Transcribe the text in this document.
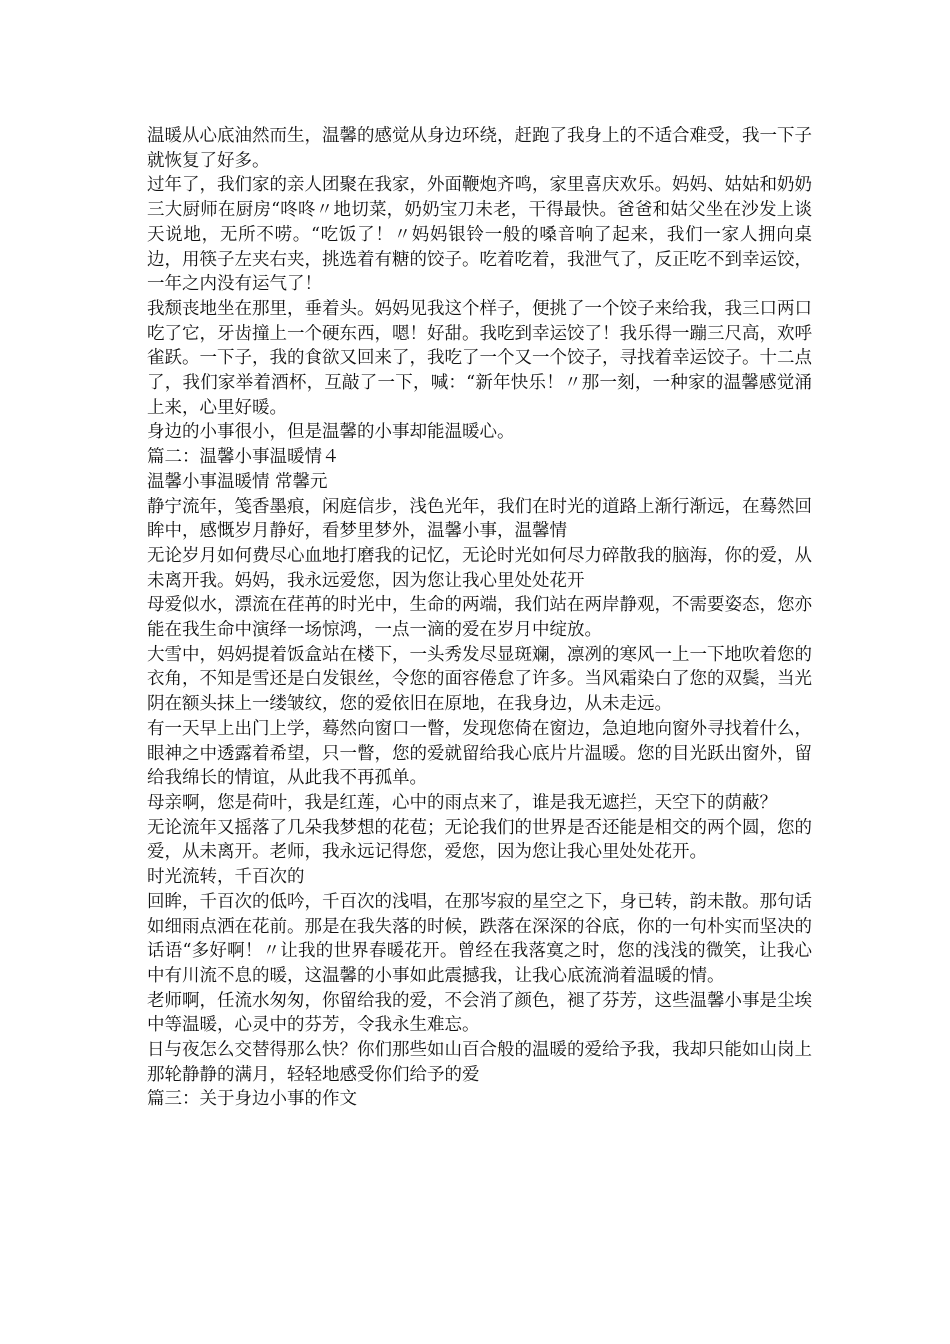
温暖从心底油然而生，温馨的感觉从身边环绕，赶跑了我身上的不适合难受，我一下子就恢复了好多。

过年了，我们家的亲人团聚在我家，外面鞭炮齐鸣，家里喜庆欢乐。妈妈、姑姑和奶奶三大厨师在厨房“咚咚〃地切菜，奶奶宝刀未老，干得最快。爸爸和姑父坐在沙发上谈天说地，无所不唠。“吃饭了！〃妈妈银铃一般的嗓音响了起来，我们一家人拥向桌边，用筷子左夹右夹，挑选着有糖的饺子。吃着吃着，我泄气了，反正吃不到幸运饺，一年之内没有运气了！

我颓丧地坐在那里，垂着头。妈妈见我这个样子，便挑了一个饺子来给我，我三口两口吃了它，牙齿撞上一个硬东西，嗯！好甜。我吃到幸运饺了！我乐得一蹦三尺高，欢呼雀跃。一下子，我的食欲又回来了，我吃了一个又一个饺子，寻找着幸运饺子。十二点了，我们家举着酒杯，互敲了一下，喊：“新年快乐！〃那一刻，一种家的温馨感觉涌上来，心里好暖。

身边的小事很小，但是温馨的小事却能温暖心。

篇二：温馨小事温暖情４

温馨小事温暖情 常馨元

静宁流年，笺香墨痕，闲庭信步，浅色光年，我们在时光的道路上渐行渐远，在蓦然回眸中，感慨岁月静好，看梦里梦外，温馨小事，温馨情

无论岁月如何费尽心血地打磨我的记忆，无论时光如何尽力碎散我的脑海，你的爱，从未离开我。妈妈，我永远爱您，因为您让我心里处处花开

母爱似水，漂流在荏苒的时光中，生命的两端，我们站在两岸静观，不需要姿态，您亦能在我生命中演绎一场惊鸿，一点一滴的爱在岁月中绽放。

大雪中，妈妈提着饭盒站在楼下，一头秀发尽显斑斓，凛冽的寒风一上一下地吹着您的衣角，不知是雪还是白发银丝，令您的面容倦怠了许多。当风霜染白了您的双鬓，当光阴在额头抹上一缕皱纹，您的爱依旧在原地，在我身边，从未走远。

有一天早上出门上学，蓦然向窗口一瞥，发现您倚在窗边，急迫地向窗外寻找着什么，眼神之中透露着希望，只一瞥，您的爱就留给我心底片片温暖。您的目光跃出窗外，留给我绵长的情谊，从此我不再孤单。

母亲啊，您是荷叶，我是红莲，心中的雨点来了，谁是我无遮拦，天空下的荫蔽？

无论流年又摇落了几朵我梦想的花苞；无论我们的世界是否还能是相交的两个圆，您的爱，从未离开。老师，我永远记得您，爱您，因为您让我心里处处花开。

时光流转，千百次的

回眸，千百次的低吟，千百次的浅唱，在那岑寂的星空之下，身已转，韵未散。那句话如细雨点洒在花前。那是在我失落的时候，跌落在深深的谷底，你的一句朴实而坚决的话语“多好啊！〃让我的世界春暖花开。曾经在我落寞之时，您的浅浅的微笑，让我心中有川流不息的暖，这温馨的小事如此震撼我，让我心底流淌着温暖的情。

老师啊，任流水匆匆，你留给我的爱，不会消了颜色，褪了芬芳，这些温馨小事是尘埃中等温暖，心灵中的芬芳，令我永生难忘。

日与夜怎么交替得那么快？你们那些如山百合般的温暖的爱给予我，我却只能如山岗上那轮静静的满月，轻轻地感受你们给予的爱

篇三：关于身边小事的作文
